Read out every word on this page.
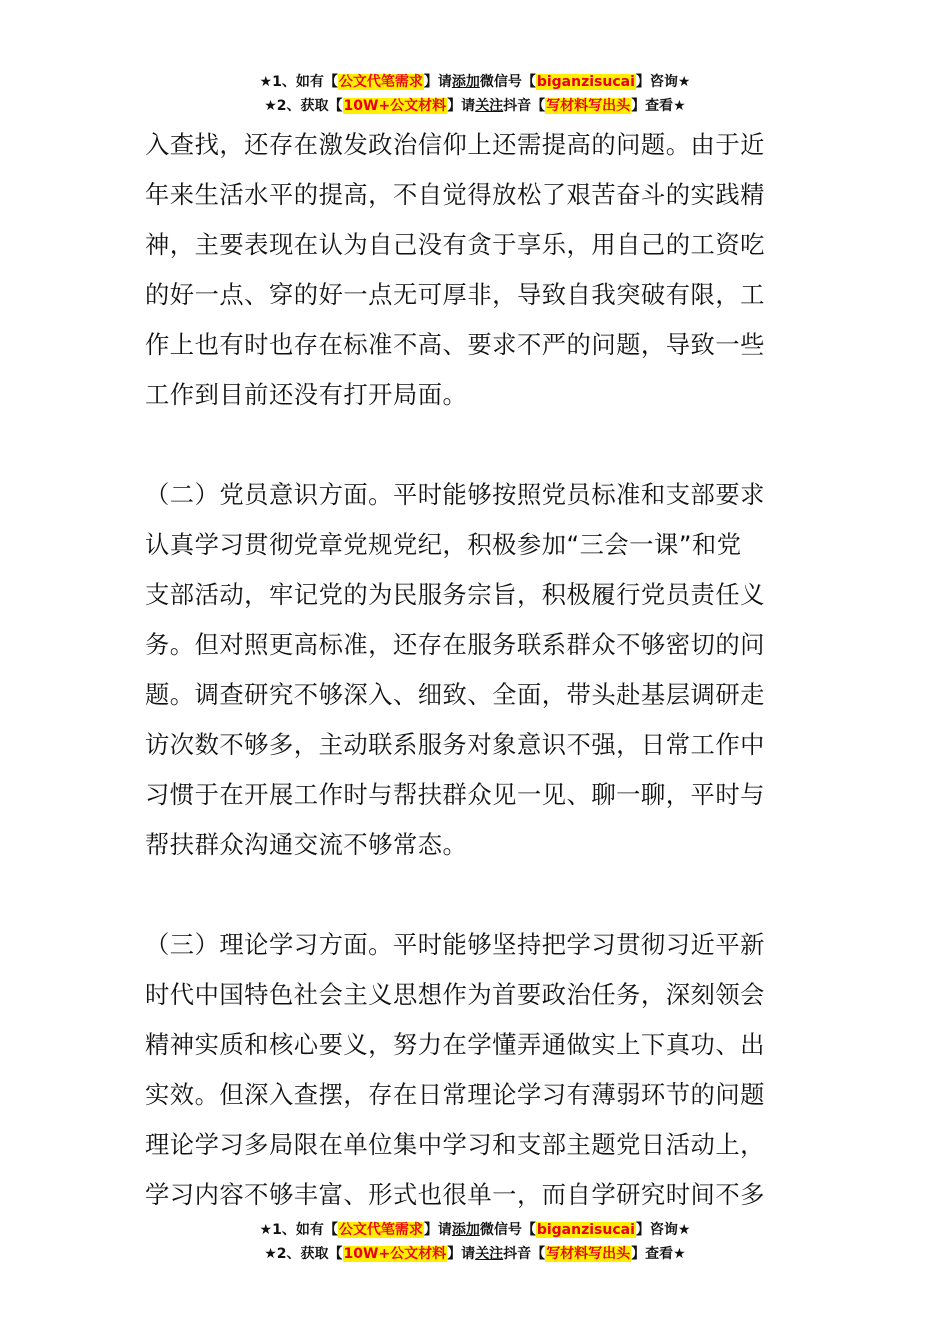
★1、如有【公文代笔需求】请添加微信号【biganzisucai】咨询★
★2、获取【10W+公文材料】请关注抖音【写材料写出头】查看★

入查找，还存在激发政治信仰上还需提高的问题。由于近

年来生活水平的提高，不自觉得放松了艰苦奋斗的实践精

神，主要表现在认为自己没有贪于享乐，用自己的工资吃

的好一点、穿的好一点无可厚非，导致自我突破有限，工

作上也有时也存在标准不高、要求不严的问题，导致一些

工作到目前还没有打开局面。

（二）党员意识方面。平时能够按照党员标准和支部要求

认真学习贯彻党章党规党纪，积极参加“三会一课”和党

支部活动，牢记党的为民服务宗旨，积极履行党员责任义

务。但对照更高标准，还存在服务联系群众不够密切的问

题。调查研究不够深入、细致、全面，带头赴基层调研走

访次数不够多，主动联系服务对象意识不强，日常工作中

习惯于在开展工作时与帮扶群众见一见、聊一聊，平时与

帮扶群众沟通交流不够常态。

（三）理论学习方面。平时能够坚持把学习贯彻习近平新

时代中国特色社会主义思想作为首要政治任务，深刻领会

精神实质和核心要义，努力在学懂弄通做实上下真功、出

实效。但深入查摆，存在日常理论学习有薄弱环节的问题

理论学习多局限在单位集中学习和支部主题党日活动上，

学习内容不够丰富、形式也很单一，而自学研究时间不多

★1、如有【公文代笔需求】请添加微信号【biganzisucai】咨询★
★2、获取【10W+公文材料】请关注抖音【写材料写出头】查看★
